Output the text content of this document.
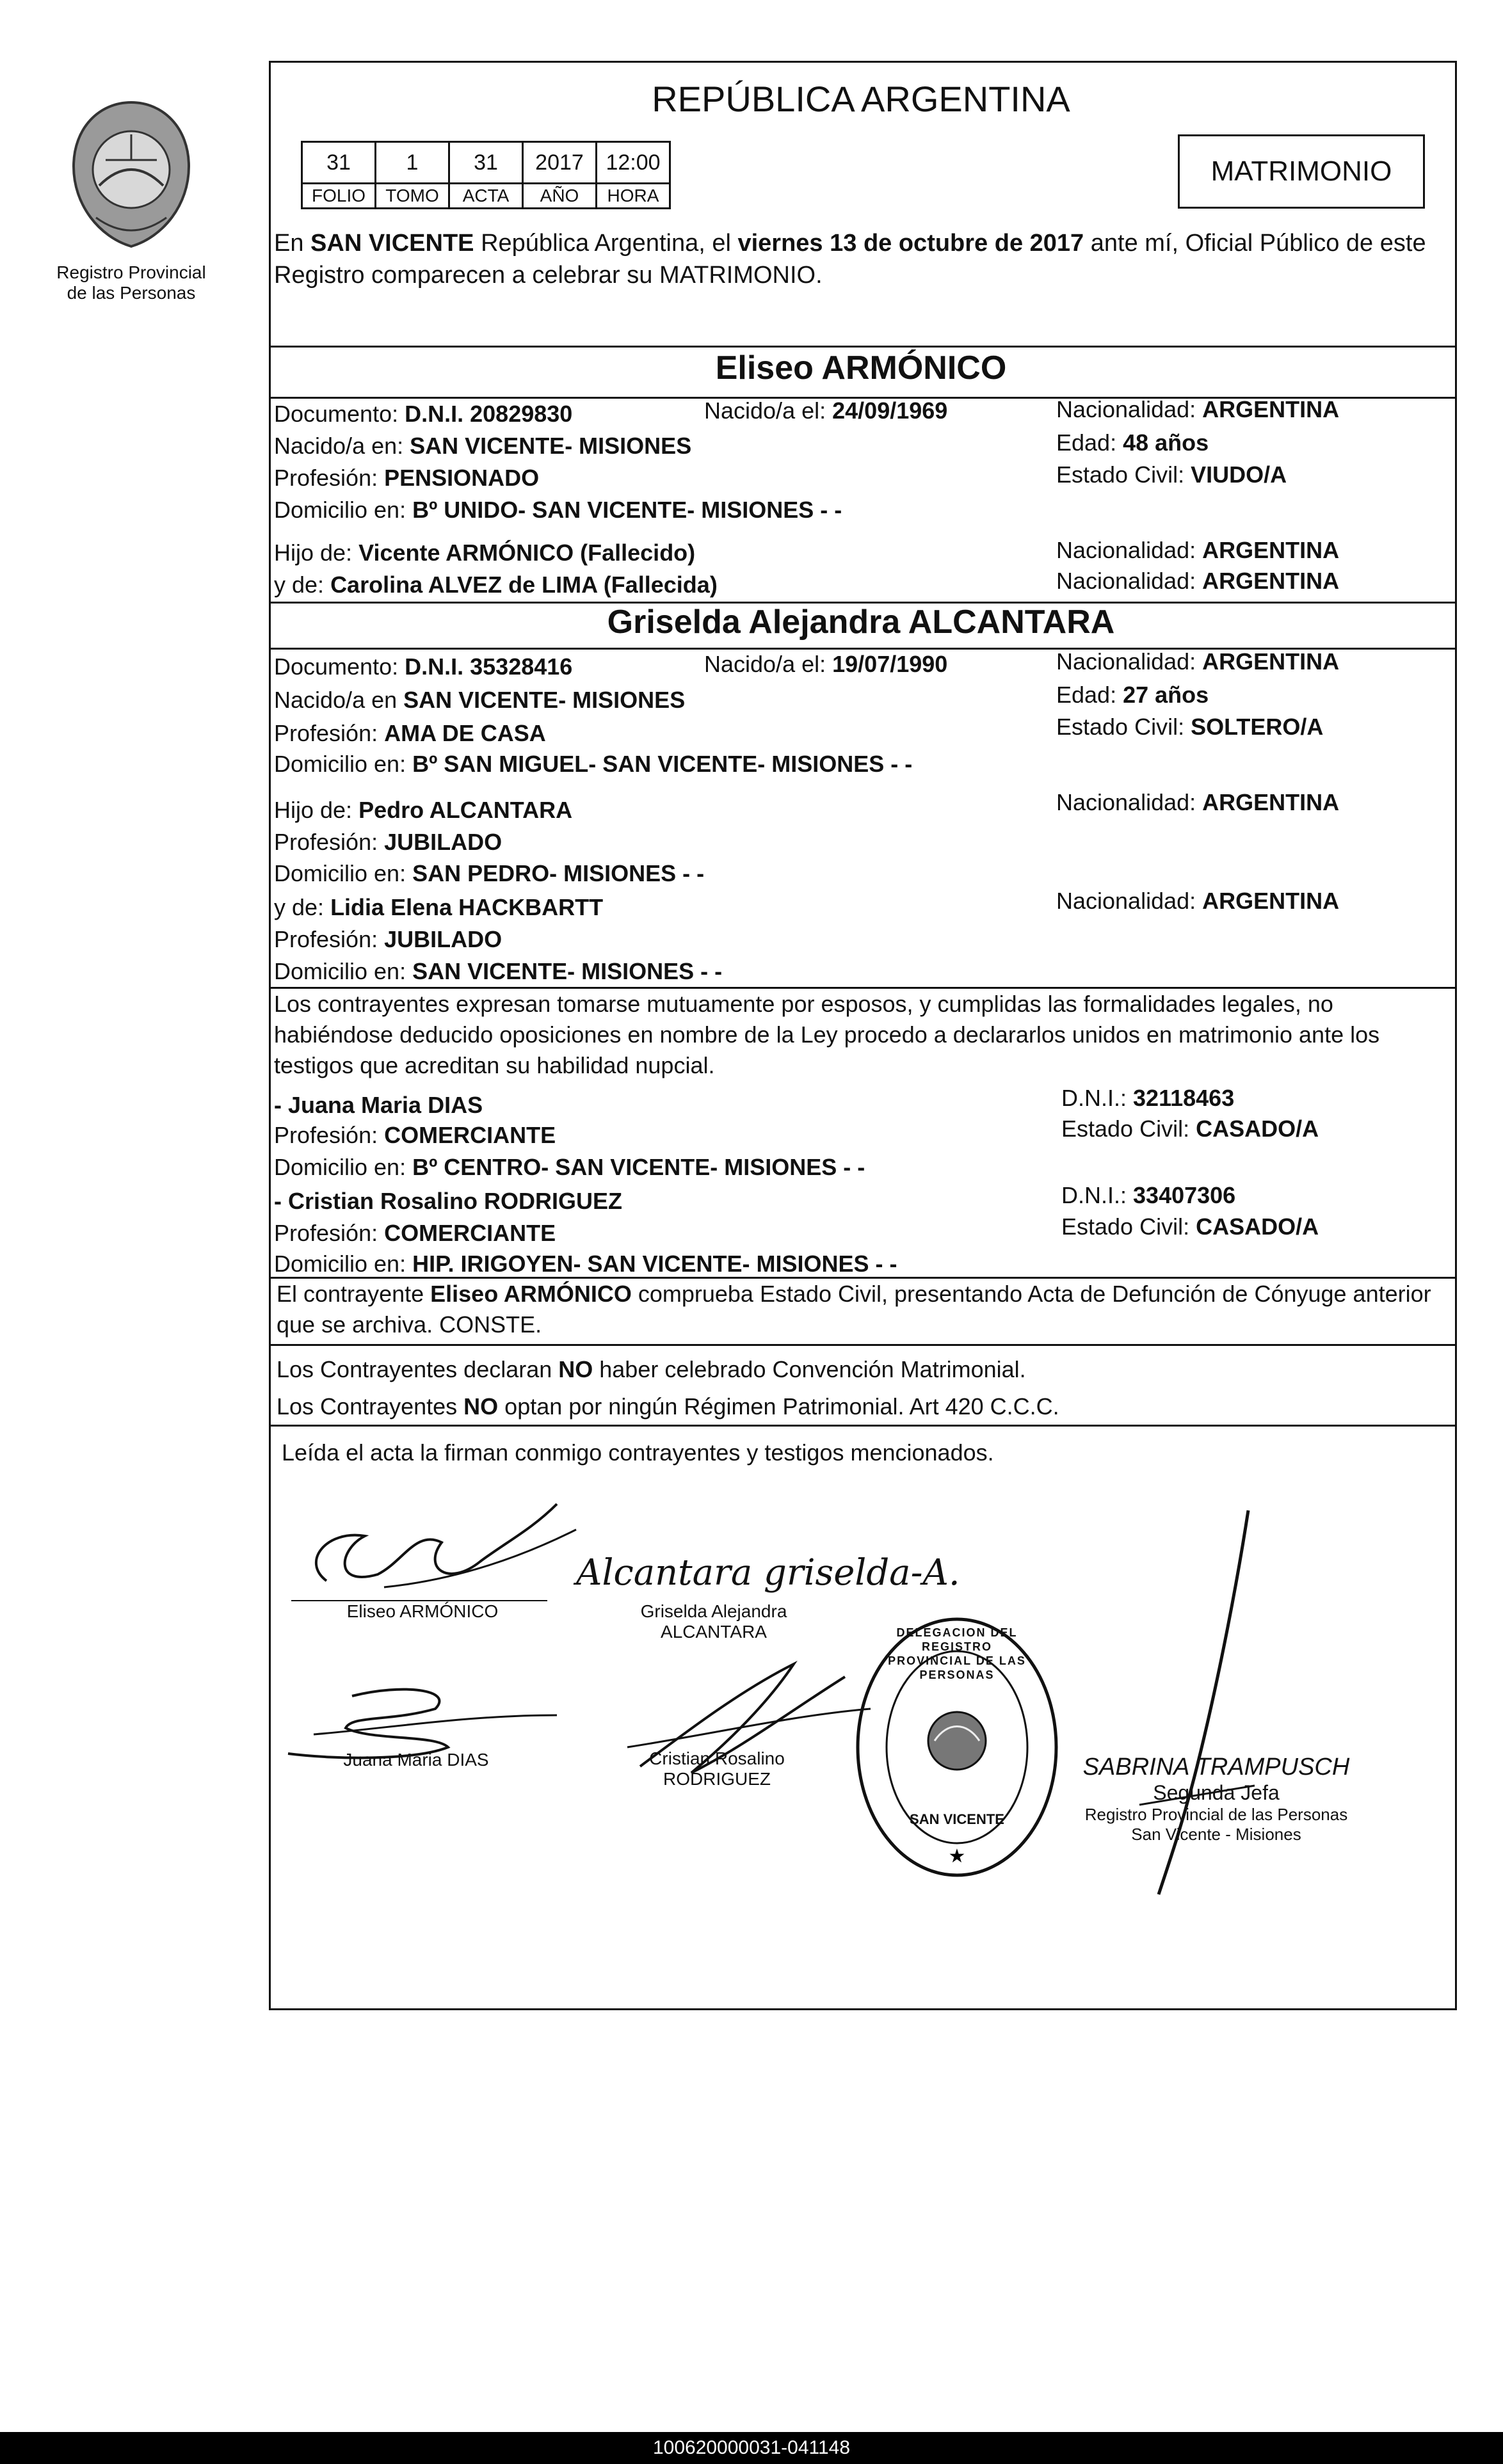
Registro Provincial
de las Personas
REPÚBLICA ARGENTINA
31	1	31	2017	12:00
FOLIO	TOMO	ACTA	AÑO	HORA
MATRIMONIO
En SAN VICENTE República Argentina, el viernes 13 de octubre de 2017 ante mí, Oficial Público de este Registro comparecen a celebrar su MATRIMONIO.
Eliseo ARMÓNICO
Documento: D.N.I. 20829830	Nacido/a el: 24/09/1969	Nacionalidad: ARGENTINA
Nacido/a en: SAN VICENTE- MISIONES	Edad: 48 años
Profesión: PENSIONADO	Estado Civil: VIUDO/A
Domicilio en: Bº UNIDO- SAN VICENTE- MISIONES - -
Hijo de: Vicente ARMÓNICO (Fallecido)	Nacionalidad: ARGENTINA
y de: Carolina ALVEZ de LIMA (Fallecida)	Nacionalidad: ARGENTINA
Griselda Alejandra ALCANTARA
Documento: D.N.I. 35328416	Nacido/a el: 19/07/1990	Nacionalidad: ARGENTINA
Nacido/a en SAN VICENTE- MISIONES	Edad: 27 años
Profesión: AMA DE CASA	Estado Civil: SOLTERO/A
Domicilio en: Bº SAN MIGUEL- SAN VICENTE- MISIONES - -
Hijo de: Pedro ALCANTARA	Nacionalidad: ARGENTINA
Profesión: JUBILADO
Domicilio en: SAN PEDRO- MISIONES - -
y de: Lidia Elena HACKBARTT	Nacionalidad: ARGENTINA
Profesión: JUBILADO
Domicilio en: SAN VICENTE- MISIONES - -
Los contrayentes expresan tomarse mutuamente por esposos, y cumplidas las formalidades legales, no habiéndose deducido oposiciones en nombre de la Ley procedo a declararlos unidos en matrimonio ante los testigos que acreditan su habilidad nupcial.
- Juana Maria DIAS	D.N.I.: 32118463
Profesión: COMERCIANTE	Estado Civil: CASADO/A
Domicilio en: Bº CENTRO- SAN VICENTE- MISIONES - -
- Cristian Rosalino RODRIGUEZ	D.N.I.: 33407306
Profesión: COMERCIANTE	Estado Civil: CASADO/A
Domicilio en: HIP. IRIGOYEN- SAN VICENTE- MISIONES - -
El contrayente Eliseo ARMÓNICO comprueba Estado Civil, presentando Acta de Defunción de Cónyuge anterior que se archiva. CONSTE.
Los Contrayentes declaran NO haber celebrado Convención Matrimonial.
Los Contrayentes NO optan por ningún Régimen Patrimonial. Art 420 C.C.C.
Leída el acta la firman conmigo contrayentes y testigos mencionados.
Eliseo ARMÓNICO
Alcantara griselda-A.
Griselda Alejandra
ALCANTARA
Juana Maria DIAS	Cristian Rosalino
RODRIGUEZ
★
DELEGACION DEL REGISTRO PROVINCIAL DE LAS PERSONAS
SAN VICENTE
SABRINA TRAMPUSCH
Segunda Jefa
Registro Provincial de las Personas
San Vicente - Misiones
100620000031-041148
